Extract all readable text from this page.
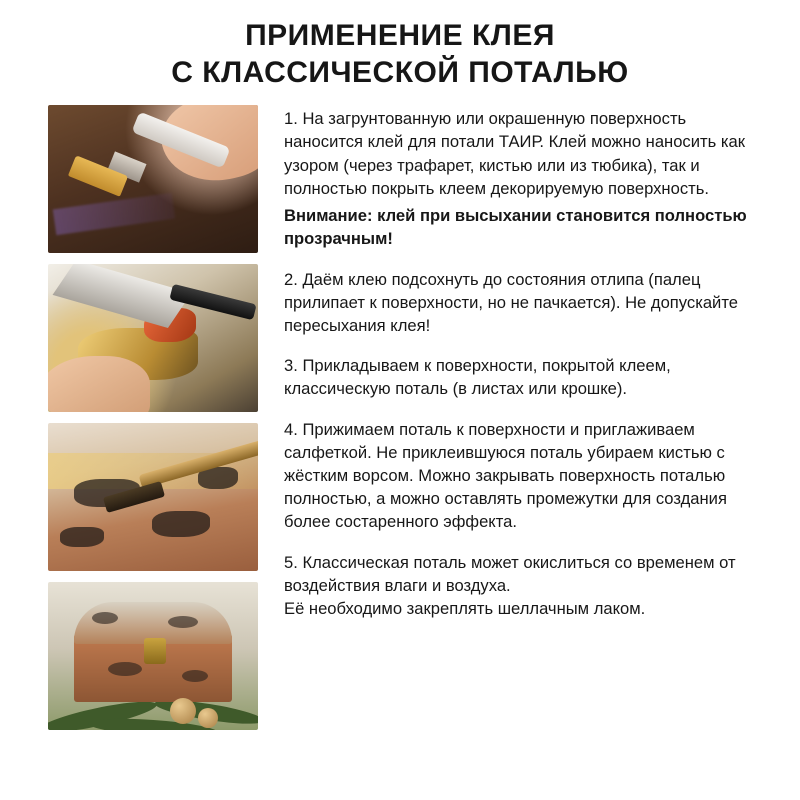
ПРИМЕНЕНИЕ КЛЕЯ
С КЛАССИЧЕСКОЙ ПОТАЛЬЮ

1. На загрунтованную или окрашенную поверхность наносится клей для потали ТАИР. Клей можно наносить как узором (через трафарет, кистью или из тюбика), так и полностью покрыть клеем декорируемую поверхность.

Внимание: клей при высыхании становится полностью прозрачным!

2. Даём клею подсохнуть до состояния отлипа (палец прилипает к поверхности, но не пачкается). Не допускайте пересыхания клея!

3. Прикладываем к поверхности, покрытой клеем, классическую поталь (в листах или крошке).

4. Прижимаем поталь к поверхности и приглаживаем салфеткой. Не приклеившуюся поталь убираем кистью с жёстким ворсом. Можно закрывать поверхность поталью полностью, а можно оставлять промежутки для создания более состаренного эффекта.

5. Классическая поталь может окислиться со временем от воздействия влаги и воздуха.

Её необходимо закреплять шеллачным лаком.
